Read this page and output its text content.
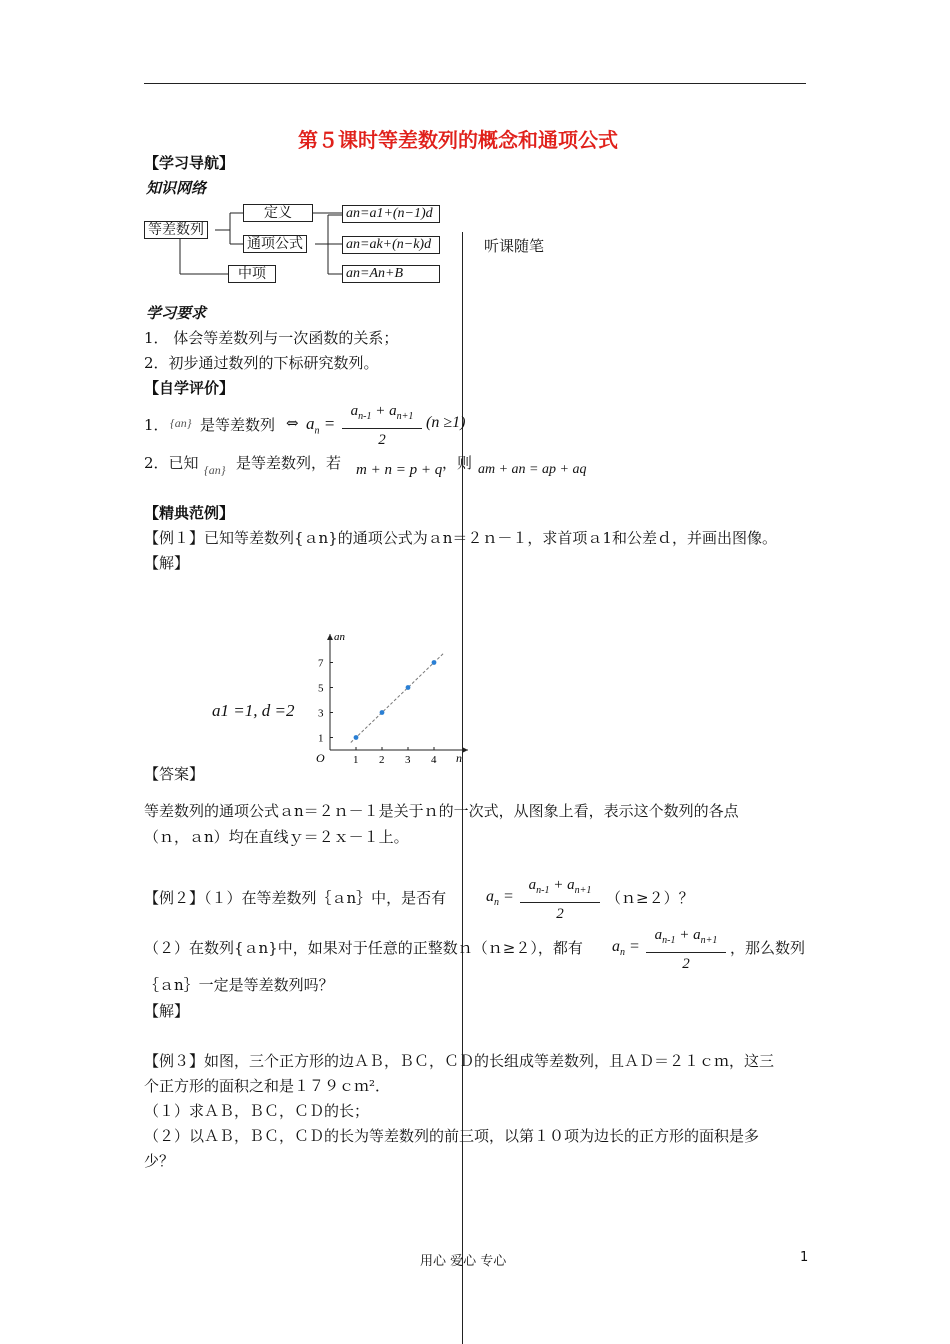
第５课时等差数列的概念和通项公式
【学习导航】
知识网络
等差数列
定义
通项公式
中项
an=a1+(n−1)d
an=ak+(n−k)d
an=An+B
听课随笔
学习要求
1． 体会等差数列与一次函数的关系；
2．初步通过数列的下标研究数列。
【自学评价】
1． {an} 是等差数列 ⇔ $a_n$ =
$a_{n-1} + a_{n+1}$
2
(n ≥1)
2．已知 {an} 是等差数列，若 m + n = p + q ，则 am + an = ap + aq
【精典范例】
【例１】已知等差数列{ａn}的通项公式为ａn＝２ｎ－１，求首项ａ1和公差ｄ，并画出图像。
【解】
a1 =1, d =2
an
n
O	1 2 3 4
1
3
5
7
【答案】
等差数列的通项公式ａn＝２ｎ－１是关于ｎ的一次式，从图象上看，表示这个数列的各点
（ｎ，ａn）均在直线ｙ＝２ｘ－１上。
【例２】（１）在等差数列｛ａn｝中，是否有 $a_n$ =
$a_{n-1} + a_{n+1}$
2
（ｎ≥２）？
（２）在数列{ａn}中，如果对于任意的正整数ｎ（ｎ≥２），都有 $a_n$ =
$a_{n-1} + a_{n+1}$
2
，那么数列
｛ａn｝一定是等差数列吗？
【解】
【例３】如图，三个正方形的边ＡＢ，ＢＣ，ＣＤ的长组成等差数列，且ＡＤ＝２１ｃｍ，这三
个正方形的面积之和是１７９ｃｍ²．
（１）求ＡＢ，ＢＣ，ＣＤ的长；
（２）以ＡＢ，ＢＣ，ＣＤ的长为等差数列的前三项，以第１０项为边长的正方形的面积是多
少？
用心 爱心 专心	1
